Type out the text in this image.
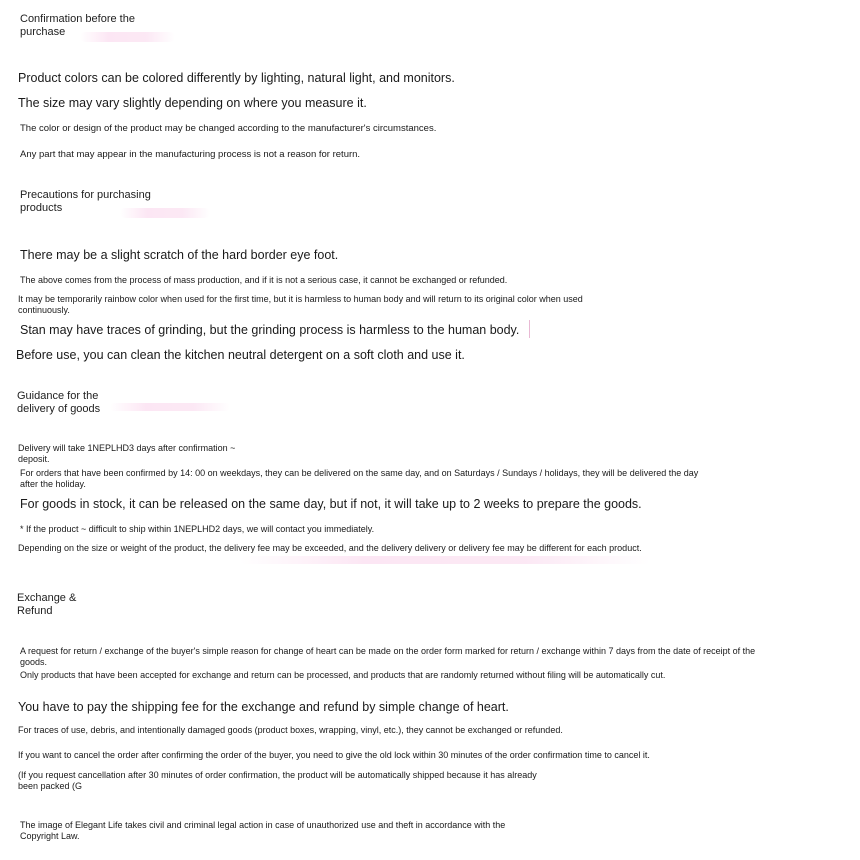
Confirmation before the purchase
Product colors can be colored differently by lighting, natural light, and monitors.
The size may vary slightly depending on where you measure it.
The color or design of the product may be changed according to the manufacturer's circumstances.
Any part that may appear in the manufacturing process is not a reason for return.
Precautions for purchasing products
There may be a slight scratch of the hard border eye foot.
The above comes from the process of mass production, and if it is not a serious case, it cannot be exchanged or refunded.
It may be temporarily rainbow color when used for the first time, but it is harmless to human body and will return to its original color when used continuously.
Stan may have traces of grinding, but the grinding process is harmless to the human body.
Before use, you can clean the kitchen neutral detergent on a soft cloth and use it.
Guidance for the delivery of goods
Delivery will take 1NEPLHD3 days after confirmation ~ deposit.
For orders that have been confirmed by 14: 00 on weekdays, they can be delivered on the same day, and on Saturdays / Sundays / holidays, they will be delivered the day after the holiday.
For goods in stock, it can be released on the same day, but if not, it will take up to 2 weeks to prepare the goods.
* If the product ~ difficult to ship within 1NEPLHD2 days, we will contact you immediately.
Depending on the size or weight of the product, the delivery fee may be exceeded, and the delivery delivery or delivery fee may be different for each product.
Exchange & Refund
A request for return / exchange of the buyer's simple reason for change of heart can be made on the order form marked for return / exchange within 7 days from the date of receipt of the goods.
Only products that have been accepted for exchange and return can be processed, and products that are randomly returned without filing will be automatically cut.
You have to pay the shipping fee for the exchange and refund by simple change of heart.
For traces of use, debris, and intentionally damaged goods (product boxes, wrapping, vinyl, etc.), they cannot be exchanged or refunded.
If you want to cancel the order after confirming the order of the buyer, you need to give the old lock within 30 minutes of the order confirmation time to cancel it.
(If you request cancellation after 30 minutes of order confirmation, the product will be automatically shipped because it has already been packed (G
The image of Elegant Life takes civil and criminal legal action in case of unauthorized use and theft in accordance with the Copyright Law.
